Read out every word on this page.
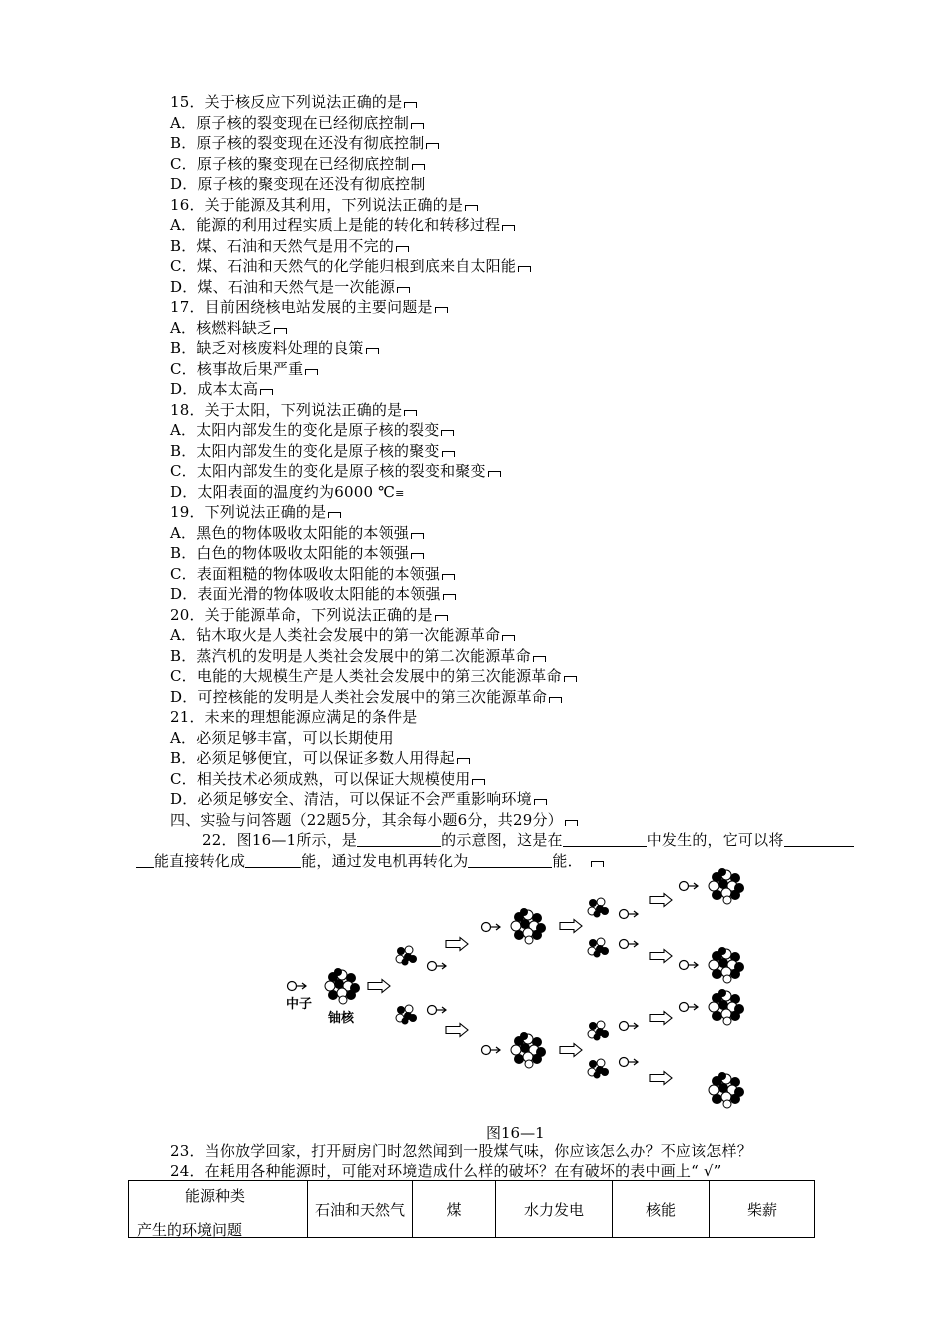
15．关于核反应下列说法正确的是
A．原子核的裂变现在已经彻底控制
B．原子核的裂变现在还没有彻底控制
C．原子核的聚变现在已经彻底控制
D．原子核的聚变现在还没有彻底控制
16．关于能源及其利用，下列说法正确的是
A．能源的利用过程实质上是能的转化和转移过程
B．煤、石油和天然气是用不完的
C．煤、石油和天然气的化学能归根到底来自太阳能
D．煤、石油和天然气是一次能源
17．目前困绕核电站发展的主要问题是
A．核燃料缺乏
B．缺乏对核废料处理的良策
C．核事故后果严重
D．成本太高
18．关于太阳，下列说法正确的是
A．太阳内部发生的变化是原子核的裂变
B．太阳内部发生的变化是原子核的聚变
C．太阳内部发生的变化是原子核的裂变和聚变
D．太阳表面的温度约为6000 ℃≡
19．下列说法正确的是
A．黑色的物体吸收太阳能的本领强
B．白色的物体吸收太阳能的本领强
C．表面粗糙的物体吸收太阳能的本领强
D．表面光滑的物体吸收太阳能的本领强
20．关于能源革命，下列说法正确的是
A．钻木取火是人类社会发展中的第一次能源革命
B．蒸汽机的发明是人类社会发展中的第二次能源革命
C．电能的大规模生产是人类社会发展中的第三次能源革命
D．可控核能的发明是人类社会发展中的第三次能源革命
21．未来的理想能源应满足的条件是
A．必须足够丰富，可以长期使用
B．必须足够便宜，可以保证多数人用得起
C．相关技术必须成熟，可以保证大规模使用
D．必须足够安全、清洁，可以保证不会严重影响环境
四、实验与问答题（22题5分，其余每小题6分，共29分）
22．图16—1所示，是	的示意图，这是在	中发生的，它可以将
能直接转化成	能，通过发电机再转化为	能．
中子
铀核
图16—1
23．当你放学回家，打开厨房门时忽然闻到一股煤气味，你应该怎么办？不应该怎样？
24．在耗用各种能源时，可能对环境造成什么样的破坏？在有破坏的表中画上“ √”
能源种类
产生的环境问题
	石油和天然气	煤	水力发电	核能	柴薪
